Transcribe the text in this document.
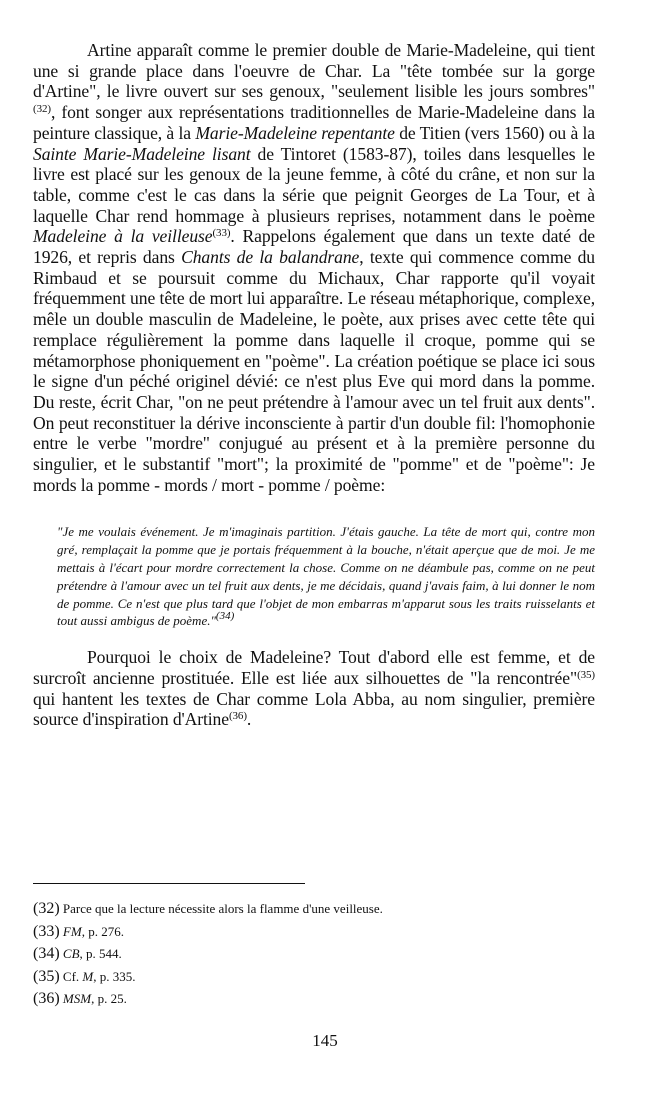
Artine apparaît comme le premier double de Marie-Madeleine, qui tient une si grande place dans l'oeuvre de Char. La "tête tombée sur la gorge d'Artine", le livre ouvert sur ses genoux, "seulement lisible les jours sombres"$^{(32)}$, font songer aux représentations traditionnelles de Marie-Madeleine dans la peinture classique, à la Marie-Madeleine repentante de Titien (vers 1560) ou à la Sainte Marie-Madeleine lisant de Tintoret (1583-87), toiles dans lesquelles le livre est placé sur les genoux de la jeune femme, à côté du crâne, et non sur la table, comme c'est le cas dans la série que peignit Georges de La Tour, et à laquelle Char rend hommage à plusieurs reprises, notamment dans le poème Madeleine à la veilleuse$^{(33)}$. Rappelons également que dans un texte daté de 1926, et repris dans Chants de la balandrane, texte qui commence comme du Rimbaud et se poursuit comme du Michaux, Char rapporte qu'il voyait fréquemment une tête de mort lui apparaître. Le réseau métaphorique, complexe, mêle un double masculin de Madeleine, le poète, aux prises avec cette tête qui remplace régulièrement la pomme dans laquelle il croque, pomme qui se métamorphose phoniquement en "poème". La création poétique se place ici sous le signe d'un péché originel dévié: ce n'est plus Eve qui mord dans la pomme. Du reste, écrit Char, "on ne peut prétendre à l'amour avec un tel fruit aux dents". On peut reconstituer la dérive inconsciente à partir d'un double fil: l'homophonie entre le verbe "mordre" conjugué au présent et à la première personne du singulier, et le substantif "mort"; la proximité de "pomme" et de "poème": Je mords la pomme - mords / mort - pomme / poème:

"Je me voulais événement. Je m'imaginais partition. J'étais gauche. La tête de mort qui, contre mon gré, remplaçait la pomme que je portais fréquemment à la bouche, n'était aperçue que de moi. Je me mettais à l'écart pour mordre correctement la chose. Comme on ne déambule pas, comme on ne peut prétendre à l'amour avec un tel fruit aux dents, je me décidais, quand j'avais faim, à lui donner le nom de pomme. Ce n'est que plus tard que l'objet de mon embarras m'apparut sous les traits ruisselants et tout aussi ambigus de poème."$^{(34)}$

Pourquoi le choix de Madeleine? Tout d'abord elle est femme, et de surcroît ancienne prostituée. Elle est liée aux silhouettes de "la rencontrée"$^{(35)}$ qui hantent les textes de Char comme Lola Abba, au nom singulier, première source d'inspiration d'Artine$^{(36)}$.

(32) Parce que la lecture nécessite alors la flamme d'une veilleuse.
(33) FM, p. 276.
(34) CB, p. 544.
(35) Cf. M, p. 335.
(36) MSM, p. 25.
145
